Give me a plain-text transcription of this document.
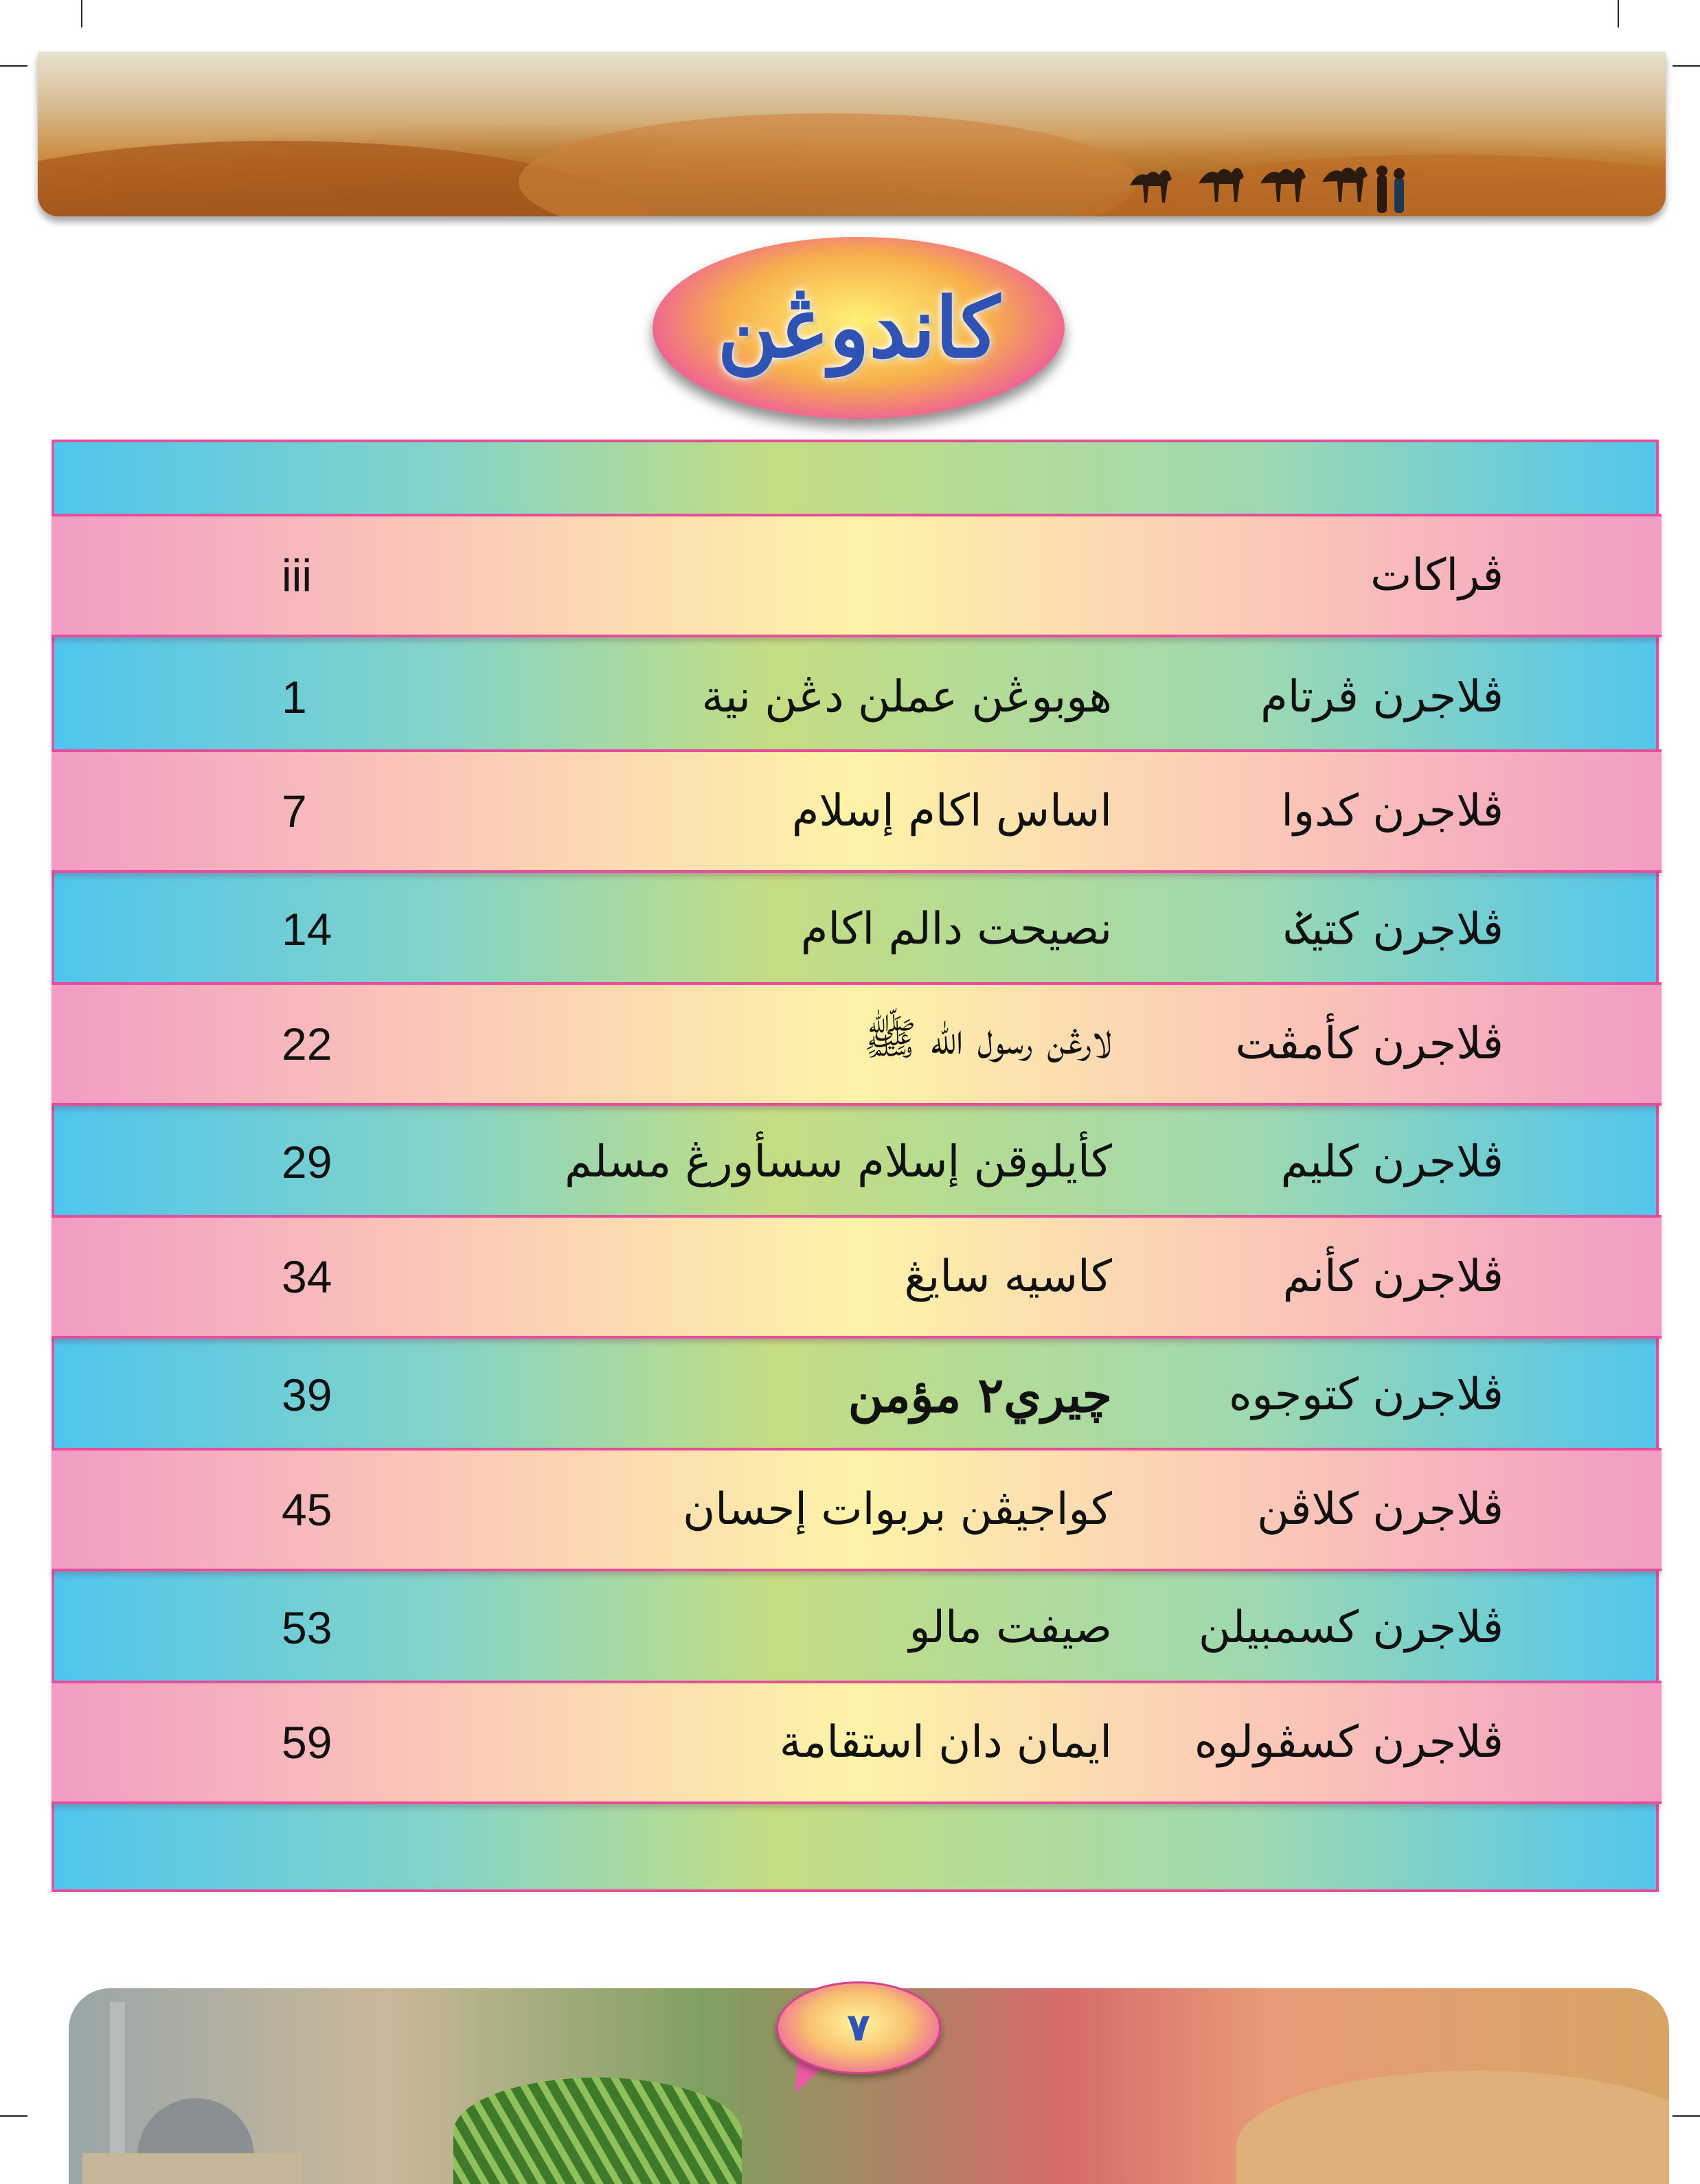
كاندوڠن
ڤراكات
iii
ڤلاجرن ڤرتام
هوبوڠن عملن دڠن نية
1
ڤلاجرن كدوا
اساس اكام إسلام
7
ڤلاجرن كتيݢ
نصيحت دالم اكام
14
ڤلاجرن كأمڤت
لارڠن رسول الله ﷺ
22
ڤلاجرن كليم
كأيلوقن إسلام سسأورڠ مسلم
29
ڤلاجرن كأنم
كاسيه سايڠ
34
ڤلاجرن كتوجوه
چيري٢ مؤمن
39
ڤلاجرن كلاڤن
كواجيڤن بربوات إحسان
45
ڤلاجرن كسمبيلن
صيفت مالو
53
ڤلاجرن كسڤولوه
ايمان دان استقامة
59
٧
